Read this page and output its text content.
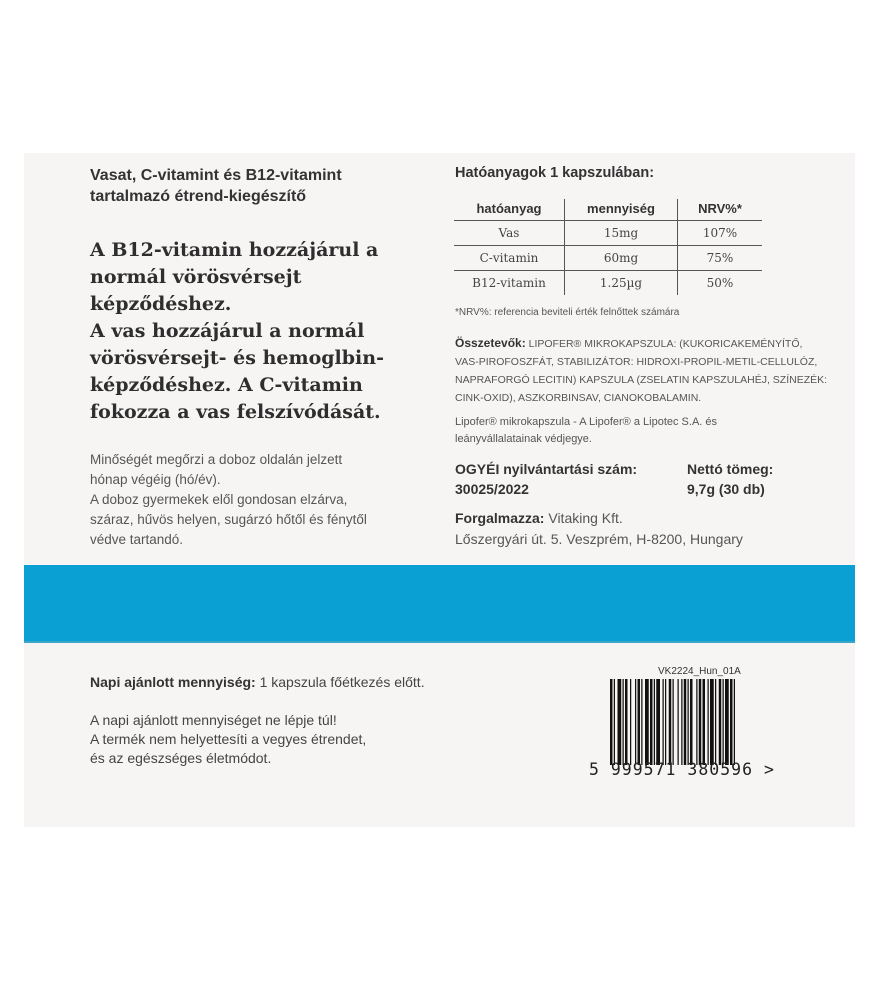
Vasat, C-vitamint és B12-vitamint
tartalmazó étrend-kiegészítő
A B12-vitamin hozzájárul a
normál vörösvérsejt
képződéshez.
A vas hozzájárul a normál
vörösvérsejt- és hemoglbin-
képződéshez. A C-vitamin
fokozza a vas felszívódását.
Minőségét megőrzi a doboz oldalán jelzett
hónap végéig (hó/év).
A doboz gyermekek elől gondosan elzárva,
száraz, hűvös helyen, sugárzó hőtől és fénytől
védve tartandó.
Hatóanyagok 1 kapszulában:
hatóanyag	mennyiség	NRV%*
Vas	15mg	107%
C-vitamin	60mg	75%
B12-vitamin	1.25µg	50%
*NRV%: referencia beviteli érték felnőttek számára
Összetevők: LIPOFER® MIKROKAPSZULA: (KUKORICAKEMÉNYÍTŐ,
VAS-PIROFOSZFÁT, STABILIZÁTOR: HIDROXI-PROPIL-METIL-CELLULÓZ,
NAPRAFORGÓ LECITIN) KAPSZULA (ZSELATIN KAPSZULAHÉJ, SZÍNEZÉK:
CINK-OXID), ASZKORBINSAV, CIANOKOBALAMIN.
Lipofer® mikrokapszula - A Lipofer® a Lipotec S.A. és
leányvállalatainak védjegye.
OGYÉI nyilvántartási szám:
30025/2022
Nettó tömeg:
9,7g (30 db)
Forgalmazza: Vitaking Kft.
Lőszergyári út. 5. Veszprém, H-8200, Hungary
Napi ajánlott mennyiség: 1 kapszula főétkezés előtt.
A napi ajánlott mennyiséget ne lépje túl!
A termék nem helyettesíti a vegyes étrendet,
és az egészséges életmódot.
VK2224_Hun_01A
5 999571 380596 >
